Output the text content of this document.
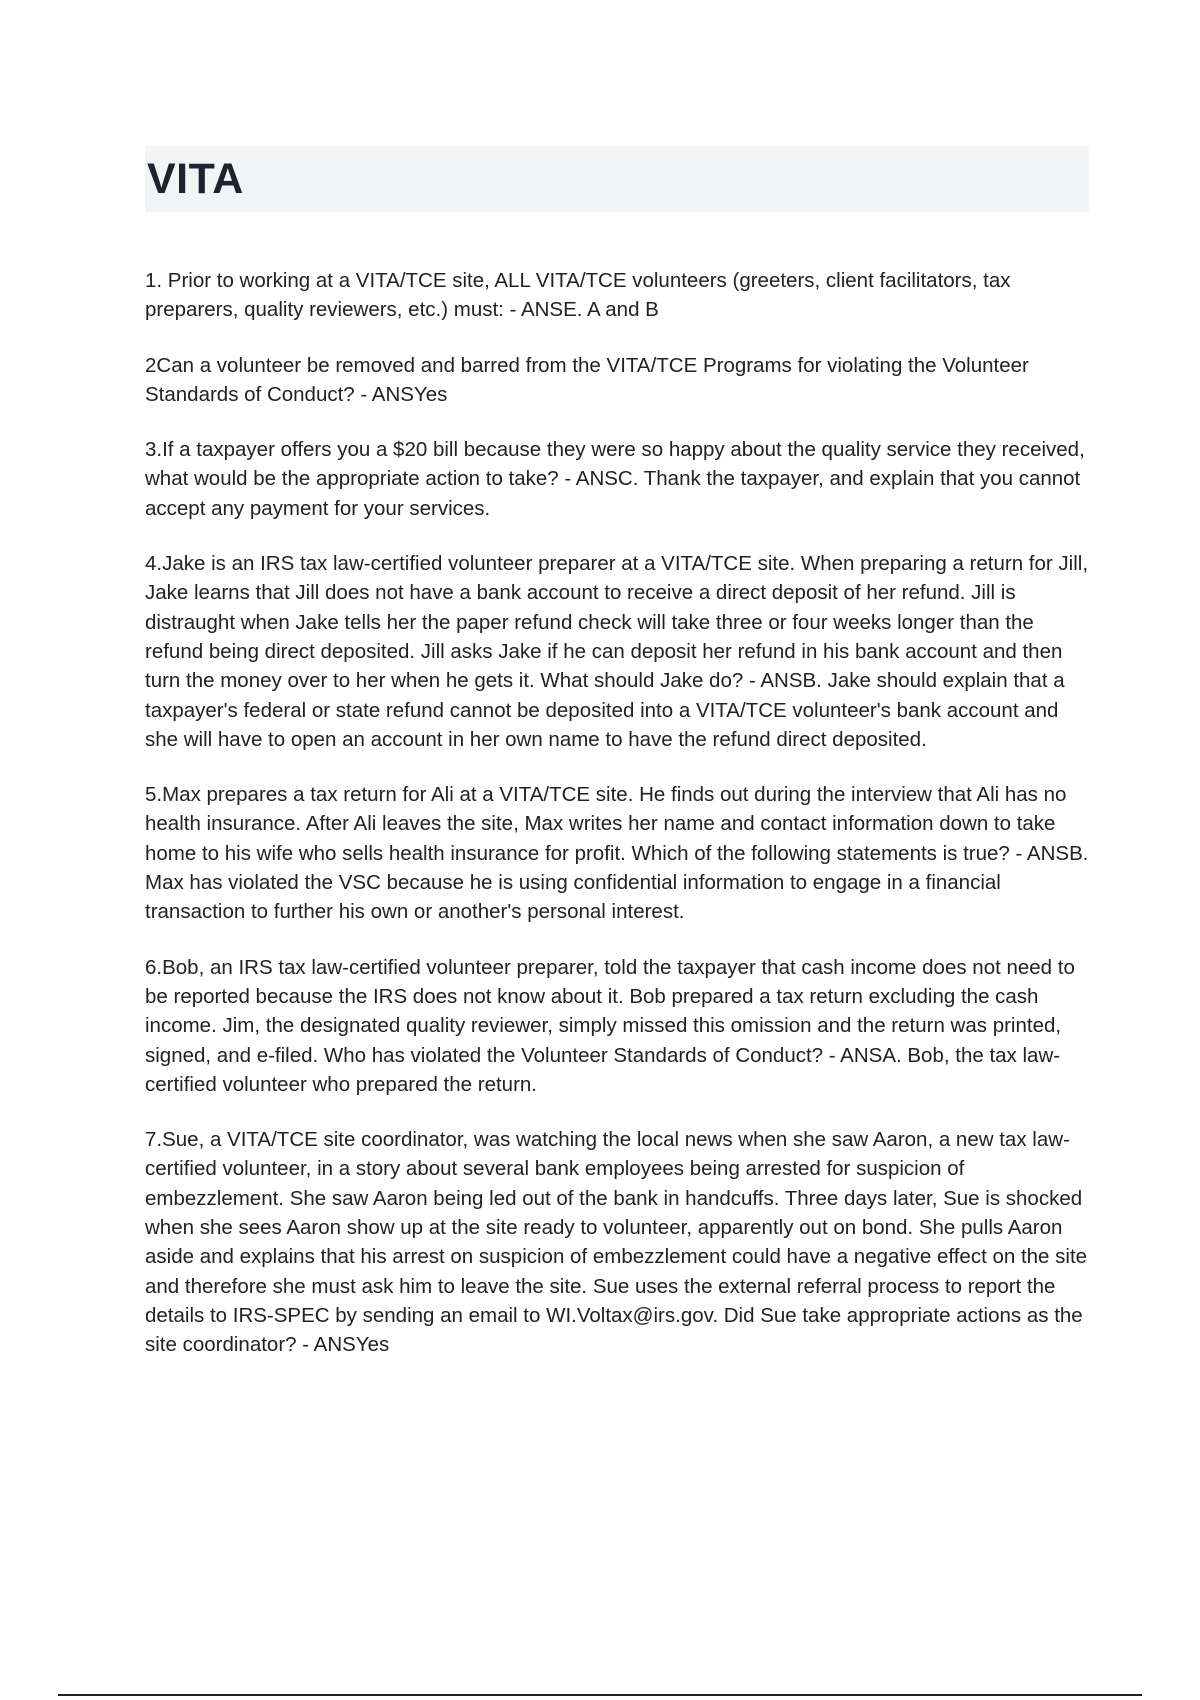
VITA

1. Prior to working at a VITA/TCE site, ALL VITA/TCE volunteers (greeters, client facilitators, tax preparers, quality reviewers, etc.) must: - ANSE. A and B

2Can a volunteer be removed and barred from the VITA/TCE Programs for violating the Volunteer Standards of Conduct? - ANSYes

3.If a taxpayer offers you a $20 bill because they were so happy about the quality service they received, what would be the appropriate action to take? - ANSC. Thank the taxpayer, and explain that you cannot accept any payment for your services.

4.Jake is an IRS tax law-certified volunteer preparer at a VITA/TCE site. When preparing a return for Jill, Jake learns that Jill does not have a bank account to receive a direct deposit of her refund. Jill is distraught when Jake tells her the paper refund check will take three or four weeks longer than the refund being direct deposited. Jill asks Jake if he can deposit her refund in his bank account and then turn the money over to her when he gets it. What should Jake do? - ANSB. Jake should explain that a taxpayer's federal or state refund cannot be deposited into a VITA/TCE volunteer's bank account and she will have to open an account in her own name to have the refund direct deposited.

5.Max prepares a tax return for Ali at a VITA/TCE site. He finds out during the interview that Ali has no health insurance. After Ali leaves the site, Max writes her name and contact information down to take home to his wife who sells health insurance for profit. Which of the following statements is true? - ANSB. Max has violated the VSC because he is using confidential information to engage in a financial transaction to further his own or another's personal interest.

6.Bob, an IRS tax law-certified volunteer preparer, told the taxpayer that cash income does not need to be reported because the IRS does not know about it. Bob prepared a tax return excluding the cash income. Jim, the designated quality reviewer, simply missed this omission and the return was printed, signed, and e-filed. Who has violated the Volunteer Standards of Conduct? - ANSA. Bob, the tax law-certified volunteer who prepared the return.

7.Sue, a VITA/TCE site coordinator, was watching the local news when she saw Aaron, a new tax law-certified volunteer, in a story about several bank employees being arrested for suspicion of embezzlement. She saw Aaron being led out of the bank in handcuffs. Three days later, Sue is shocked when she sees Aaron show up at the site ready to volunteer, apparently out on bond. She pulls Aaron aside and explains that his arrest on suspicion of embezzlement could have a negative effect on the site and therefore she must ask him to leave the site. Sue uses the external referral process to report the details to IRS-SPEC by sending an email to WI.Voltax@irs.gov. Did Sue take appropriate actions as the site coordinator? - ANSYes
